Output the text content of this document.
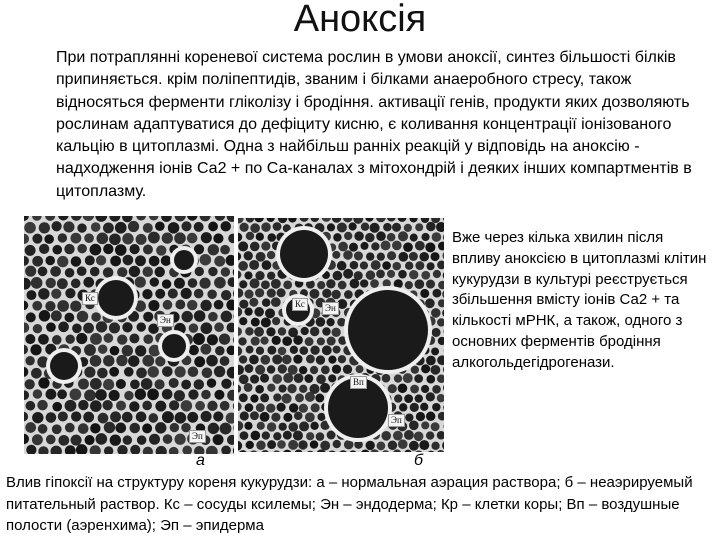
Аноксія
При потраплянні кореневої система рослин в умови аноксії, синтез більшості білків припиняється. крім поліпептидів, званим і білками анаеробного стресу, також відносяться ферменти гліколізу і бродіння. активації генів, продукти яких дозволяють рослинам адаптуватися до дефіциту кисню, є коливання концентрації іонізованого кальцію в цитоплазмі. Одна з найбільш ранніх реакцій у відповідь на аноксію - надходження іонів Са2 + по Са-каналах з мітохондрій і деяких інших компартментів в цитоплазму.
Кс
Эн
Эп
Кс	Эн
Вп
Эп
а	б
Вже через кілька хвилин після впливу аноксією в цитоплазмі клітин кукурудзи в культурі реєструється збільшення вмісту іонів Са2 + та кількості мРНК, а також, одного з основних ферментів бродіння алкогольдегідрогенази.
Влив гіпоксії на структуру кореня кукурудзи: а – нормальная аэрация раствора; б – неаэрируемый питательный раствор. Кс – сосуды ксилемы; Эн – эндодерма; Кр – клетки коры; Вп – воздушные полости (аэренхима); Эп – эпидерма
